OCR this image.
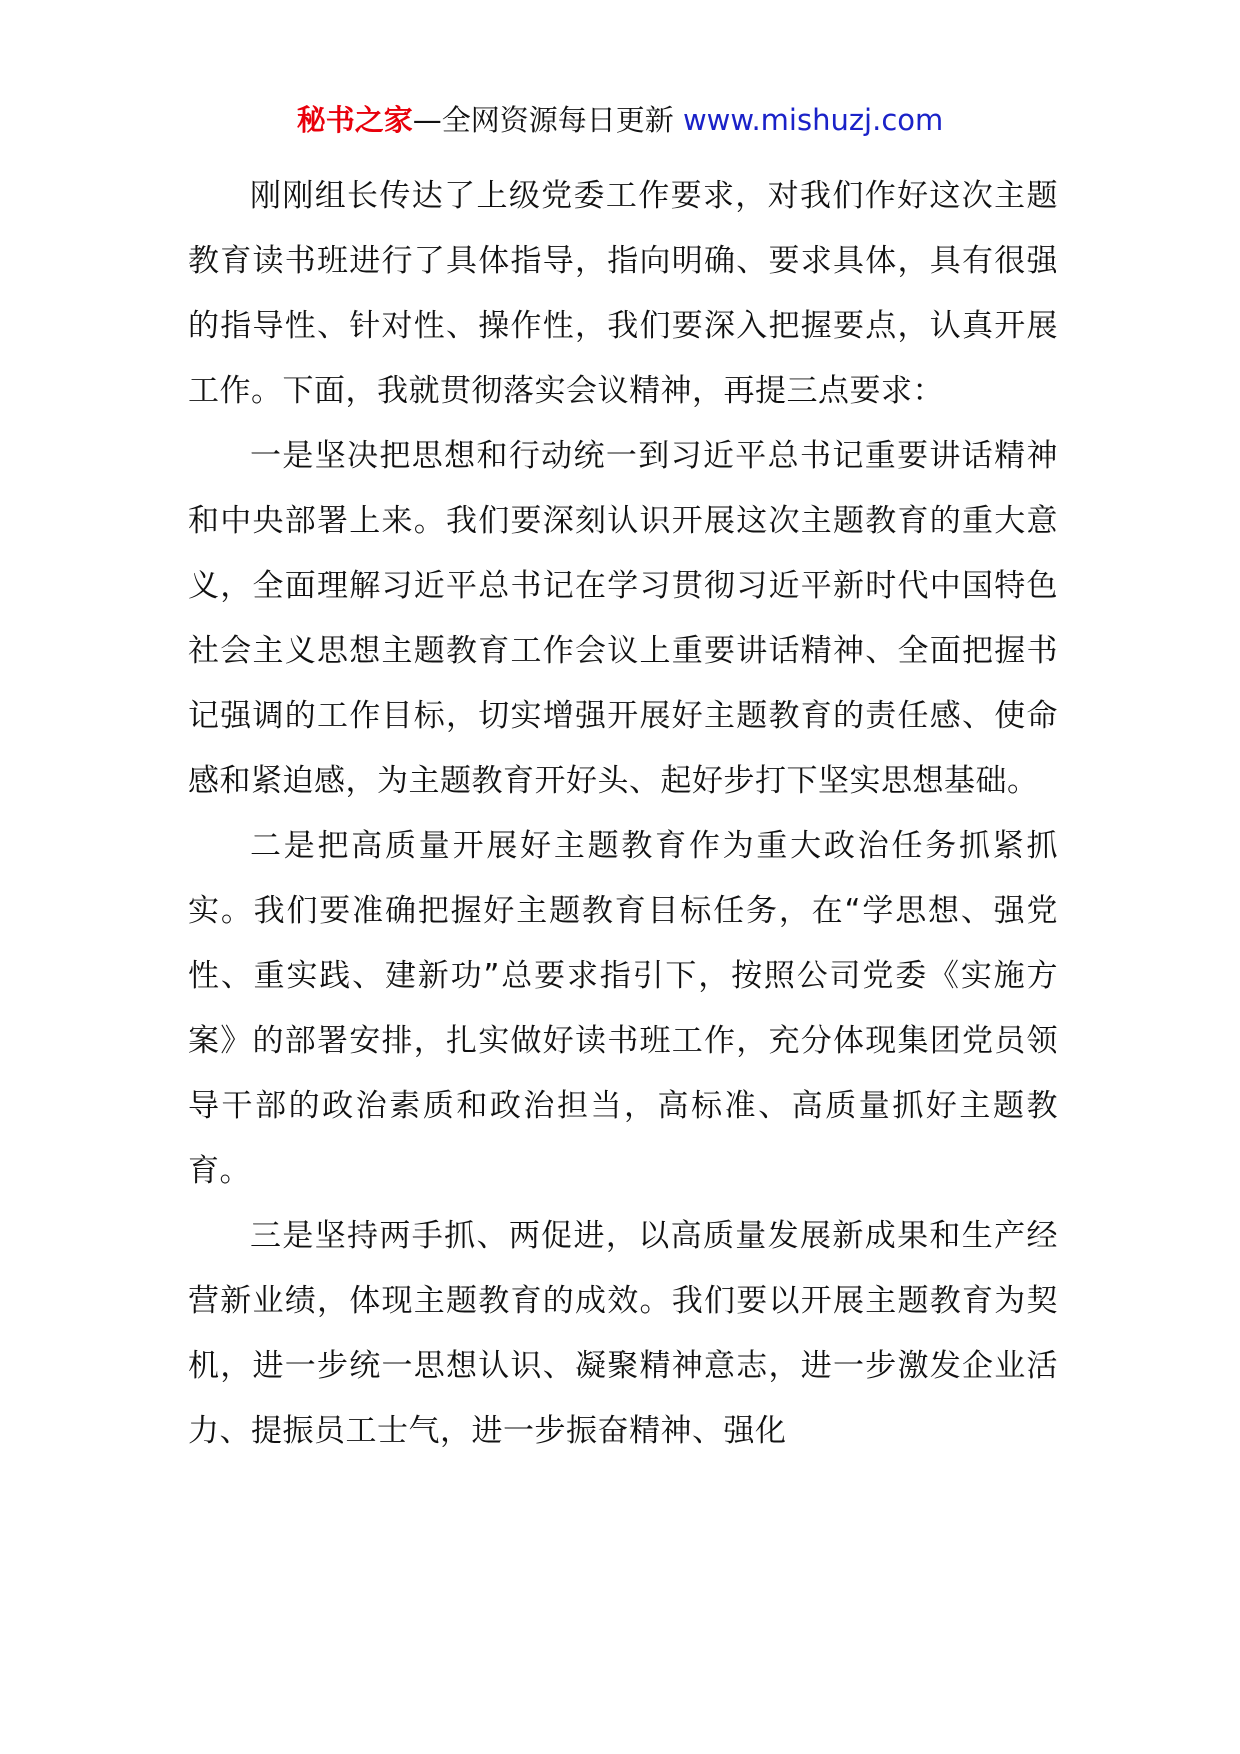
秘书之家—全网资源每日更新 www.mishuzj.com

刚刚组长传达了上级党委工作要求，对我们作好这次主题教育读书班进行了具体指导，指向明确、要求具体，具有很强的指导性、针对性、操作性，我们要深入把握要点，认真开展工作。下面，我就贯彻落实会议精神，再提三点要求：

一是坚决把思想和行动统一到习近平总书记重要讲话精神和中央部署上来。我们要深刻认识开展这次主题教育的重大意义，全面理解习近平总书记在学习贯彻习近平新时代中国特色社会主义思想主题教育工作会议上重要讲话精神、全面把握书记强调的工作目标，切实增强开展好主题教育的责任感、使命感和紧迫感，为主题教育开好头、起好步打下坚实思想基础。

二是把高质量开展好主题教育作为重大政治任务抓紧抓实。我们要准确把握好主题教育目标任务，在“学思想、强党性、重实践、建新功”总要求指引下，按照公司党委《实施方案》的部署安排，扎实做好读书班工作，充分体现集团党员领导干部的政治素质和政治担当，高标准、高质量抓好主题教育。

三是坚持两手抓、两促进，以高质量发展新成果和生产经营新业绩，体现主题教育的成效。我们要以开展主题教育为契机，进一步统一思想认识、凝聚精神意志，进一步激发企业活力、提振员工士气，进一步振奋精神、强化
